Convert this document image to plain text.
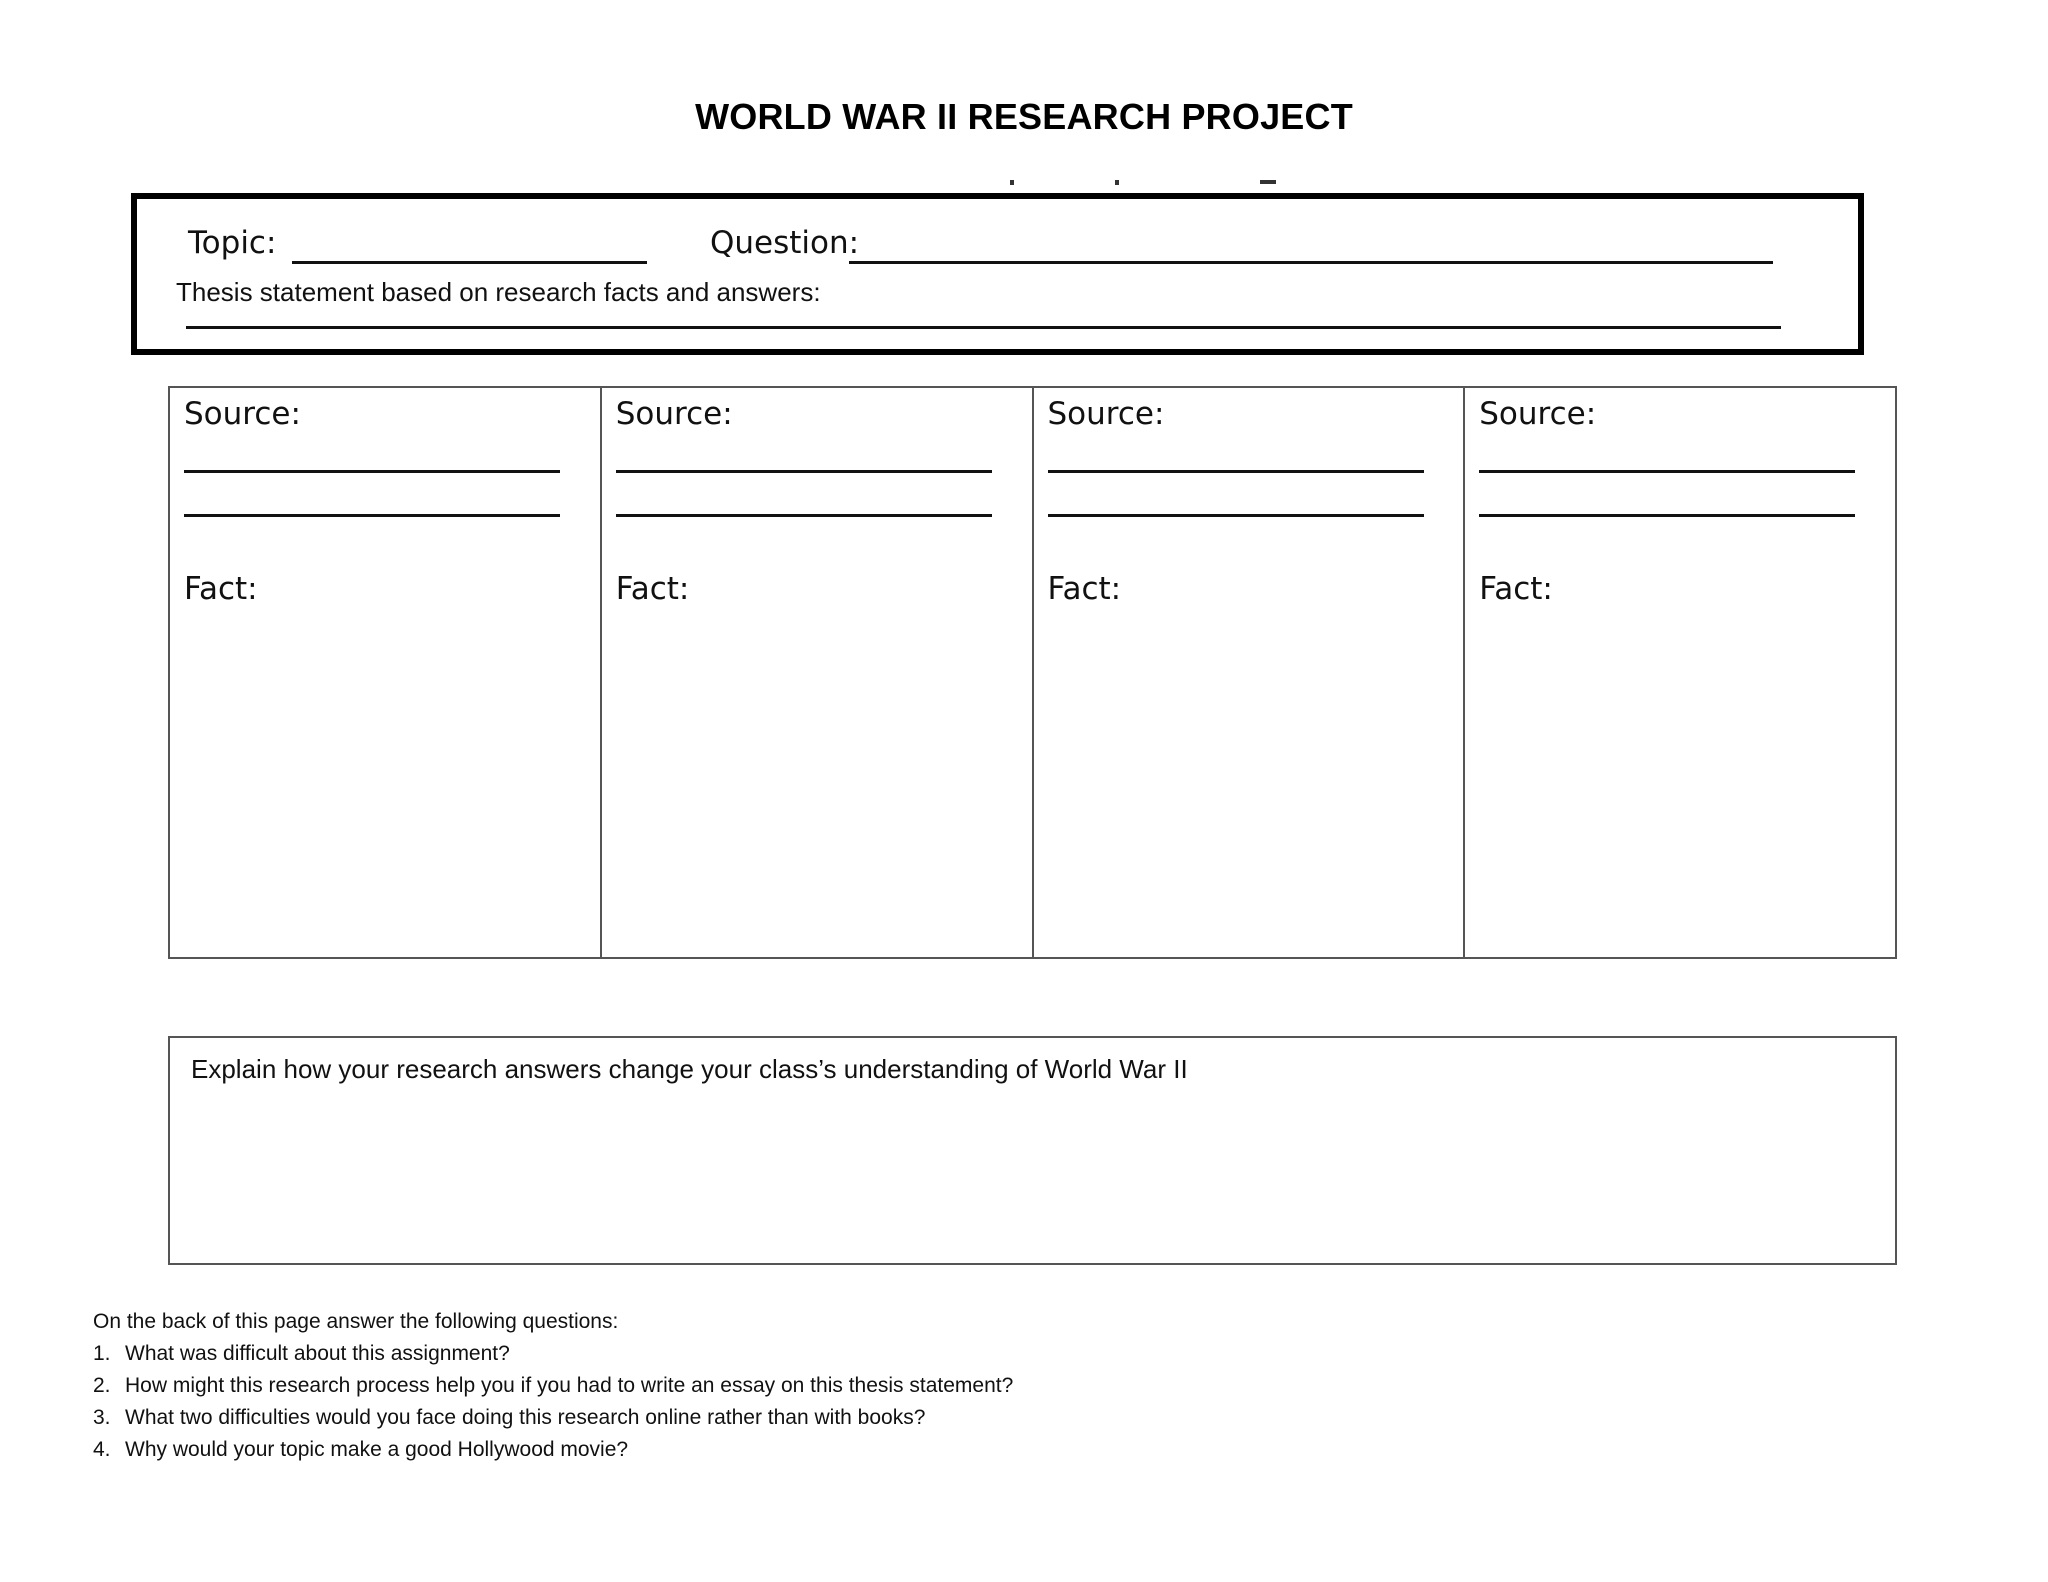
WORLD WAR II RESEARCH PROJECT
Topic:	Question:
Thesis statement based on research facts and answers:
Source:
Fact:
Source:
Fact:
Source:
Fact:
Source:
Fact:
Explain how your research answers change your class’s understanding of World War II
On the back of this page answer the following questions:
1. What was difficult about this assignment?
2. How might this research process help you if you had to write an essay on this thesis statement?
3. What two difficulties would you face doing this research online rather than with books?
4. Why would your topic make a good Hollywood movie?
